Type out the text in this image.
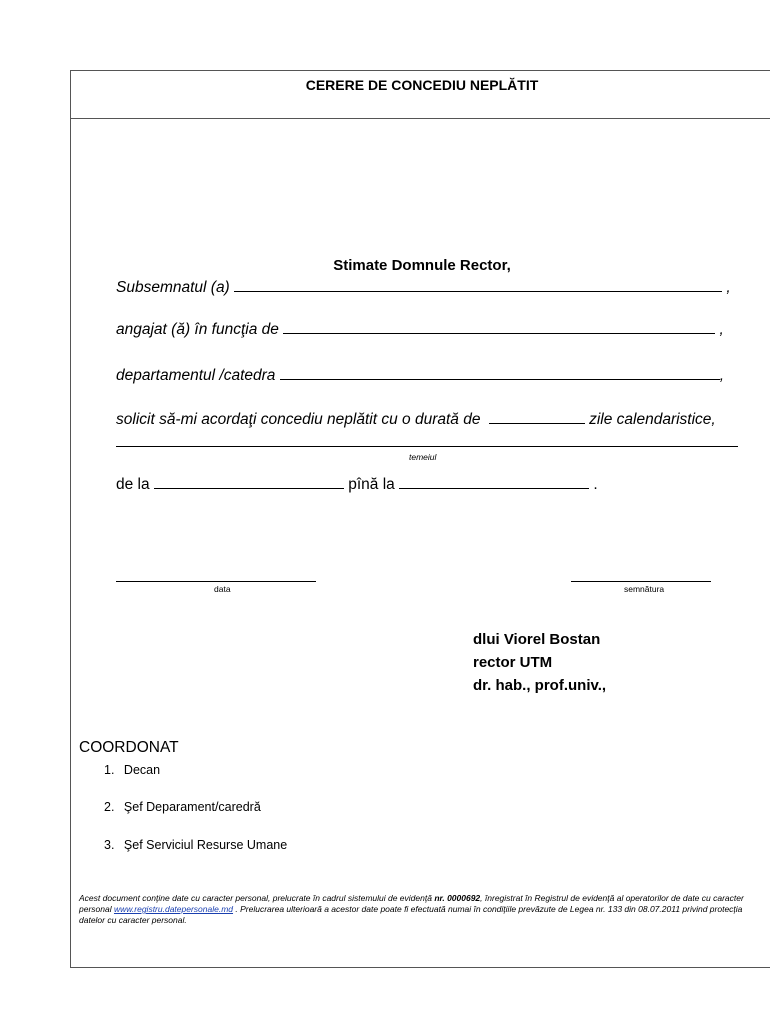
CERERE DE CONCEDIU NEPLĂTIT
Stimate Domnule Rector,
Subsemnatul (a)	,
angajat (ă) în funcţia de	,
departamentul /catedra	,
solicit să-mi acordaţi concediu neplătit cu o durată de	zile calendaristice,
temeiul
de la	pînă la	.
data	semnătura
dlui Viorel Bostan
rector UTM
dr. hab., prof.univ.,
COORDONAT
1. Decan
2. Şef Deparament/caredră
3. Şef Serviciul Resurse Umane
Acest document conţine date cu caracter personal, prelucrate în cadrul sistemului de evidenţă nr. 0000692, înregistrat în Registrul de evidenţă al operatorilor de date cu caracter personal www.registru.datepersonale.md . Prelucrarea ulterioară a acestor date poate fi efectuată numai în condiţiile prevăzute de Legea nr. 133 din 08.07.2011 privind protecţia datelor cu caracter personal.
